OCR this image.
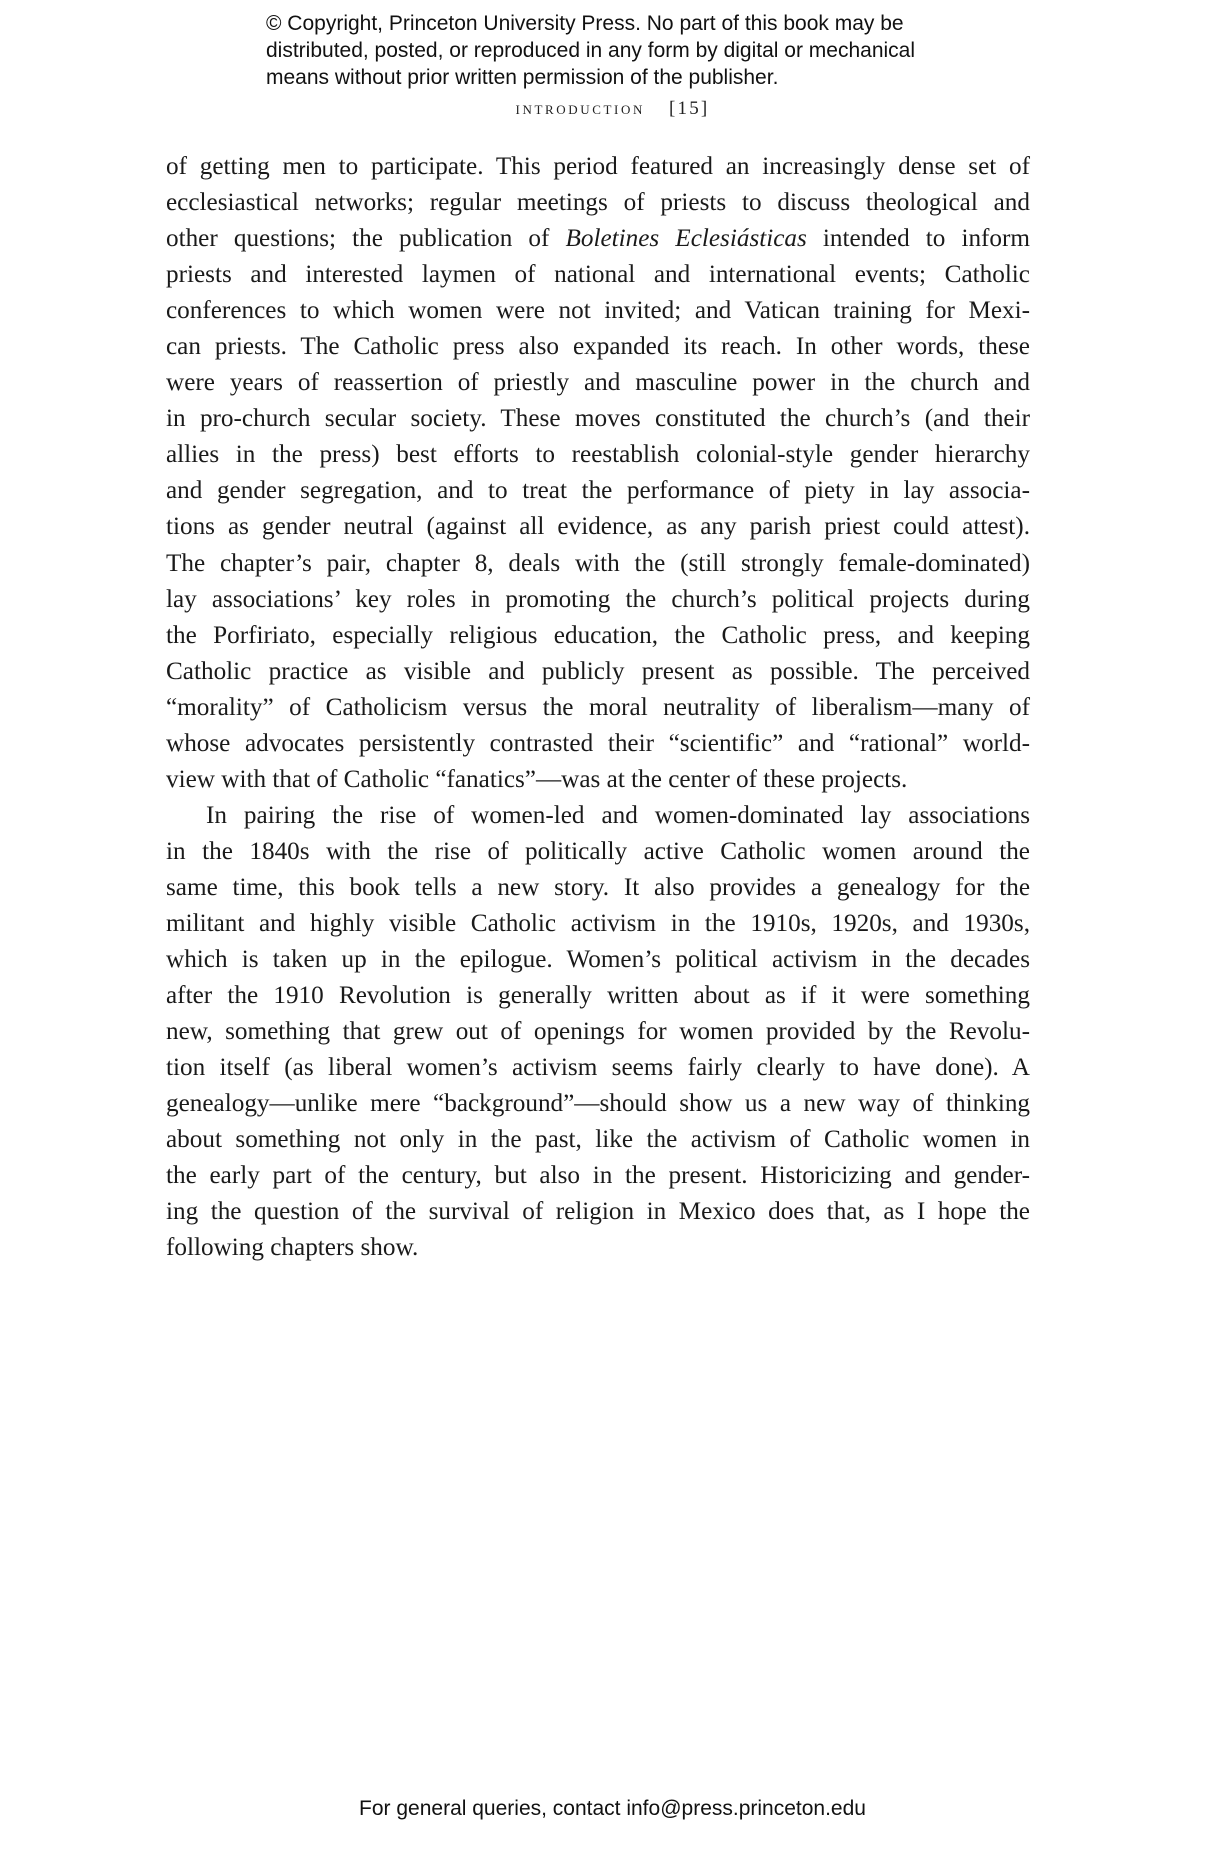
© Copyright, Princeton University Press. No part of this book may be
distributed, posted, or reproduced in any form by digital or mechanical
means without prior written permission of the publisher.
introduction [15]
of getting men to participate. This period featured an increasingly dense set of
ecclesiastical networks; regular meetings of priests to discuss theological and
other questions; the publication of Boletines Eclesiásticas intended to inform
priests and interested laymen of national and international events; Catholic
conferences to which women were not invited; and Vatican training for Mexi-
can priests. The Catholic press also expanded its reach. In other words, these
were years of reassertion of priestly and masculine power in the church and
in pro-church secular society. These moves constituted the church’s (and their
allies in the press) best efforts to reestablish colonial-style gender hierarchy
and gender segregation, and to treat the performance of piety in lay associa-
tions as gender neutral (against all evidence, as any parish priest could attest).
The chapter’s pair, chapter 8, deals with the (still strongly female-dominated)
lay associations’ key roles in promoting the church’s political projects during
the Porfiriato, especially religious education, the Catholic press, and keeping
Catholic practice as visible and publicly present as possible. The perceived
“morality” of Catholicism versus the moral neutrality of liberalism—many of
whose advocates persistently contrasted their “scientific” and “rational” world-
view with that of Catholic “fanatics”—was at the center of these projects.
In pairing the rise of women-led and women-dominated lay associations
in the 1840s with the rise of politically active Catholic women around the
same time, this book tells a new story. It also provides a genealogy for the
militant and highly visible Catholic activism in the 1910s, 1920s, and 1930s,
which is taken up in the epilogue. Women’s political activism in the decades
after the 1910 Revolution is generally written about as if it were something
new, something that grew out of openings for women provided by the Revolu-
tion itself (as liberal women’s activism seems fairly clearly to have done). A
genealogy—unlike mere “background”—should show us a new way of thinking
about something not only in the past, like the activism of Catholic women in
the early part of the century, but also in the present. Historicizing and gender-
ing the question of the survival of religion in Mexico does that, as I hope the
following chapters show.
For general queries, contact info@press.princeton.edu
